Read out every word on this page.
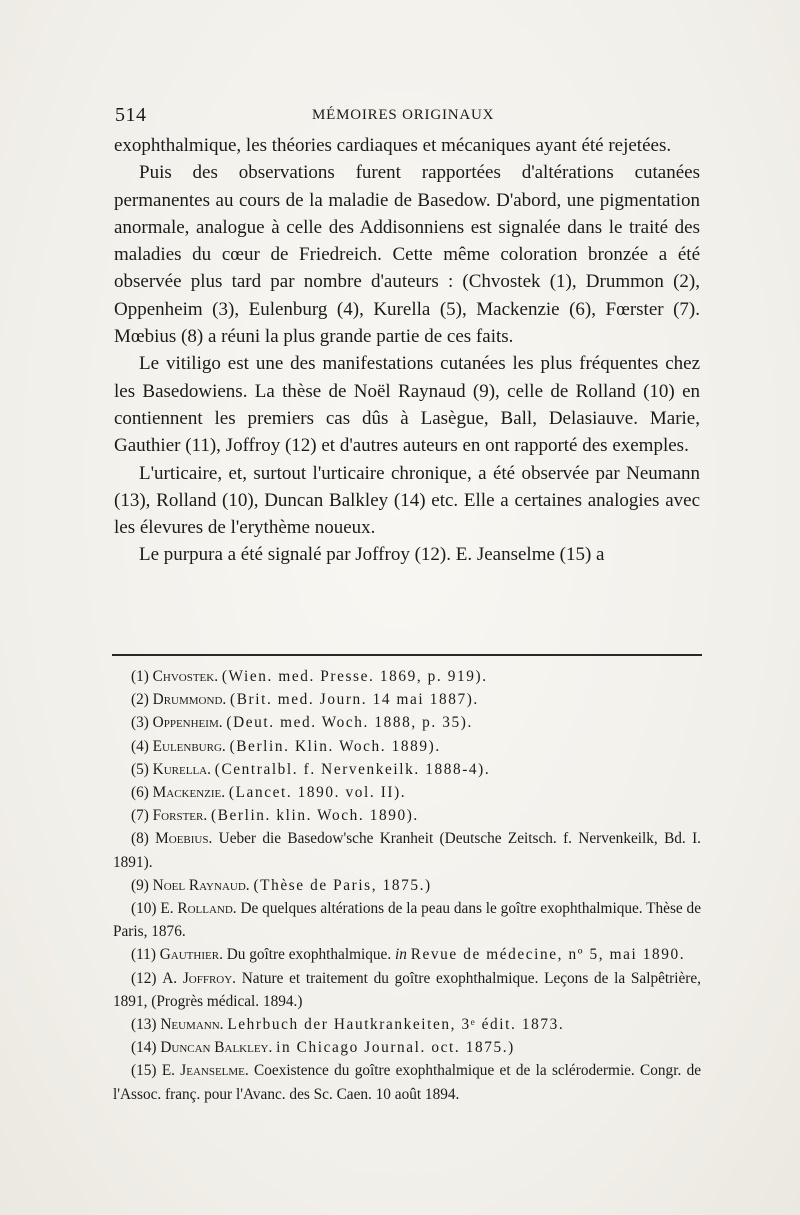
514	MÉMOIRES ORIGINAUX

exophthalmique, les théories cardiaques et mécaniques ayant été rejetées.

Puis des observations furent rapportées d'altérations cutanées permanentes au cours de la maladie de Basedow. D'abord, une pigmentation anormale, analogue à celle des Addisonniens est signalée dans le traité des maladies du cœur de Friedreich. Cette même coloration bronzée a été observée plus tard par nombre d'auteurs : (Chvostek (1), Drummon (2), Oppenheim (3), Eulenburg (4), Kurella (5), Mackenzie (6), Fœrster (7). Mœbius (8) a réuni la plus grande partie de ces faits.

Le vitiligo est une des manifestations cutanées les plus fréquentes chez les Basedowiens. La thèse de Noël Raynaud (9), celle de Rolland (10) en contiennent les premiers cas dûs à Lasègue, Ball, Delasiauve. Marie, Gauthier (11), Joffroy (12) et d'autres auteurs en ont rapporté des exemples.

L'urticaire, et, surtout l'urticaire chronique, a été observée par Neumann (13), Rolland (10), Duncan Balkley (14) etc. Elle a certaines analogies avec les élevures de l'erythème noueux.

Le purpura a été signalé par Joffroy (12). E. Jeanselme (15) a

(1) Chvostek. (Wien. med. Presse. 1869, p. 919).

(2) Drummond. (Brit. med. Journ. 14 mai 1887).

(3) Oppenheim. (Deut. med. Woch. 1888, p. 35).

(4) Eulenburg. (Berlin. Klin. Woch. 1889).

(5) Kurella. (Centralbl. f. Nervenkeilk. 1888-4).

(6) Mackenzie. (Lancet. 1890. vol. II).

(7) Forster. (Berlin. klin. Woch. 1890).

(8) Moebius. Ueber die Basedow'sche Kranheit (Deutsche Zeitsch. f. Nervenkeilk, Bd. I. 1891).

(9) Noel Raynaud. (Thèse de Paris, 1875.)

(10) E. Rolland. De quelques altérations de la peau dans le goître exophthalmique. Thèse de Paris, 1876.

(11) Gauthier. Du goître exophthalmique. in Revue de médecine, nº 5, mai 1890.

(12) A. Joffroy. Nature et traitement du goître exophthalmique. Leçons de la Salpêtrière, 1891, (Progrès médical. 1894.)

(13) Neumann. Lehrbuch der Hautkrankeiten, 3ᵉ édit. 1873.

(14) Duncan Balkley. in Chicago Journal. oct. 1875.)

(15) E. Jeanselme. Coexistence du goître exophthalmique et de la sclérodermie. Congr. de l'Assoc. franç. pour l'Avanc. des Sc. Caen. 10 août 1894.
